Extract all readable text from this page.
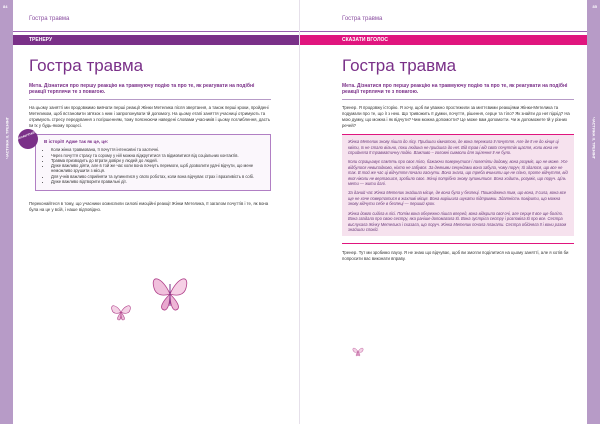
84
ЧАСТИНА II. ТРЕНІНГ
Гостра травма
ТРЕНЕРУ
Гостра травма
Мета. Дізнатися про першу реакцію на травмуючу подію та про те, як реагувати на подібні реакції терплячи те з повагою.

На цьому занятті ми продовжимо вивчати перші реакції Жінки Метелика після звертання, а також перші кроки, пройдені Метеликом, щоб встановити зв'язок з ним і запропонувати їй допомогу. На цьому етапі заняття учасниці отримують та отримують стресу передування з погіршенням, тому пояснюючи наведені словами учасників і цьому поглиблення, дасть їм їх у будь-якому процесі.

ЗАПАМ'ЯТАЙТЕ
В історії! Адже так як це, це:
• Коли жінка травмована, її почуття інтенсивні та хаотичні.
• Через почуття страху та сорому у ній можна відкрутитися та відмовитися від соціальних контактів.
• Травма призводить до втрати довіри у людей до людей.
• Дуже важливо діяти, але в той же час коли вона почнуть перемоги, щоб дозволити удачі відчути, що мене неможливо зрушити з місця.
• Для учнів важливо сприйняти та зупинитися у своїх роботах, коли вона відчуває страх і вразливість в собі.
• Дуже важливо відтворити правильні дії.

Переконайтеся в тому, що учасники осмислили силові емоційні реакції Жінки Метелика, її загалом почуттів і те, як вона була на це у всій, і наше відповідно.

85
ЧАСТИНА II. ТРЕНІНГ
Гостра травма
СКАЗАТИ ВГОЛОС
Гостра травма
Мета. Дізнатися про першу реакцію на травмуючу подію та про те, як реагувати на подібні реакції терплячи те з повагою.

Тренер. Я продовжу історію. Я хочу, щоб ви уважно простежили за миттєвими реакціями Жінки-Метелика та подумали про те, що ії з нею. Що тривожить її думки, почуття, рішення, серце та тіло? Як знайти до неї підхід? На мою думку, що можна і як відчути? Чим можна допомогти? Це може вам допомогти. Чи ж допоможете їй у різних речей?

Жінка Метелик знову пішла до лісу. Прийшли кімнатою, де вона пережила її почуття. Але де її не до кінця ці квіти, їх не стало вільно, поки людина не прийшла до неї. Від трав і від своїх почуттів щастя, коли вона не сприйняла її травматичну подію. Важливо – головні символи для зцілення її не було.

Коли спрацьовує пам'ять про своє тіло, бажаючи повернутися і полетіти додому, вона розуміє, що не може. Усе відбулося невипадково, ніхто не забувся. За деякими секундами вона забула, чому поруч, їй здалося, що все не так. В той же час ці відчуття почали гаснути. Вона знала, що треба вчинити ще не пізно, проте відчуття, від якої ніколи не вертаєшся, зробило своє. Жінці потрібно знову зупинитися. Вона ходить, розуміє, що поруч. Ціль мети — жити далі.

За даний час Жінка Метелик знайшла місце, де вона була у безпеці. Пошкоджена тим, що вона, її сила, вона все ще не хоче повертатися в жахливі місця. Вона вирішила шукати підтримки. Здатність повірити, що можна знову відчути себе в безпеці — перший крок.

Жінка довго сиділа в лісі. Потім вона обережно пішла вперед, вона відкрила свої очі, але серце її все ще боліло. Вона згадала про свою сестру, яка раніше допомагала їй. Вона зустріла сестру і розповіла їй про все. Сестра вислухала Жінку Метелика і сказала, що поруч. Жінка Метелик почала плакати. Сестра обійняла її і вони разом знайшли спокій.

Тренер. Тут ми зробимо паузу. Я не знаю що відчуває, щоб ви змогли поділитися на цьому занятті, але я хотів би попросити вас виконати вправу.
